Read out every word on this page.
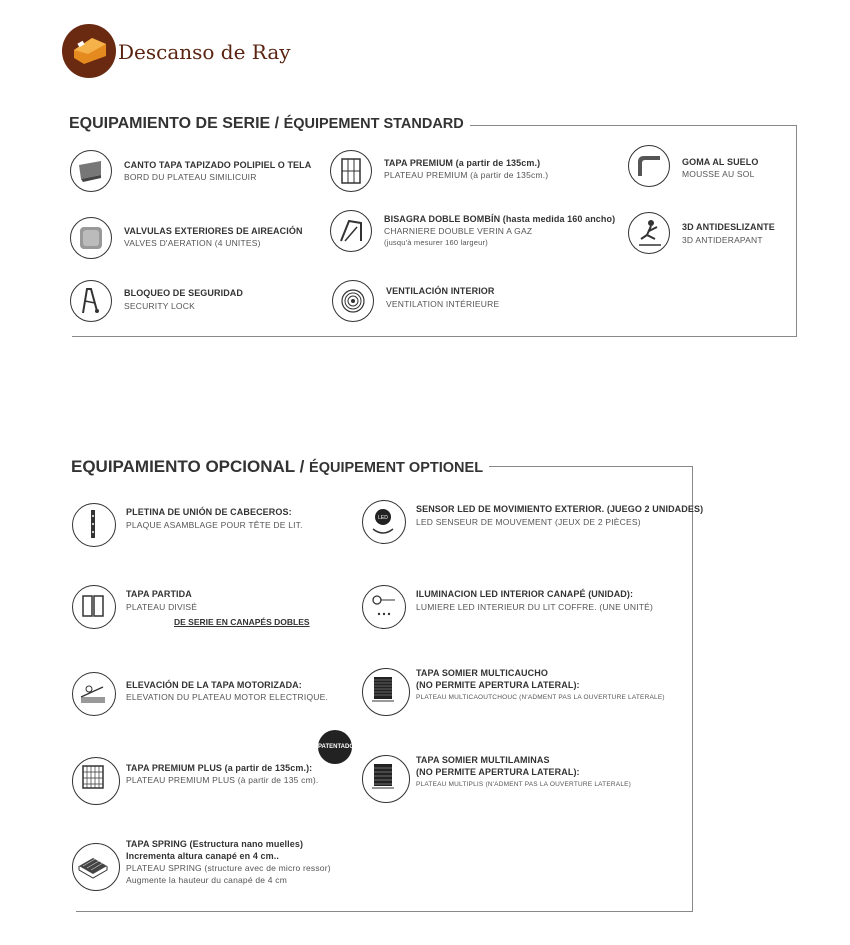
Descanso de Ray
EQUIPAMIENTO DE SERIE / ÉQUIPEMENT STANDARD
CANTO TAPA TAPIZADO POLIPIEL O TELA
BORD DU PLATEAU SIMILICUIR
TAPA PREMIUM (a partir de 135cm.)
PLATEAU PREMIUM (à partir de 135cm.)
GOMA AL SUELO
MOUSSE AU SOL
VALVULAS EXTERIORES DE AIREACIÓN
VALVES D'AERATION (4 UNITES)
BISAGRA DOBLE BOMBÍN (hasta medida 160 ancho)
CHARNIERE DOUBLE VERIN A GAZ
(jusqu'à mesurer 160 largeur)
3D ANTIDESLIZANTE
3D ANTIDERAPANT
BLOQUEO DE SEGURIDAD
SECURITY LOCK
VENTILACIÓN INTERIOR
VENTILATION INTÉRIEURE
EQUIPAMIENTO OPCIONAL / ÉQUIPEMENT OPTIONEL
PLETINA DE UNIÓN DE CABECEROS:
PLAQUE ASAMBLAGE POUR TÊTE DE LIT.
LED
SENSOR LED DE MOVIMIENTO EXTERIOR. (JUEGO 2 UNIDADES)
LED SENSEUR DE MOUVEMENT (JEUX DE 2 PIÈCES)
TAPA PARTIDA
PLATEAU DIVISÉ
DE SERIE EN CANAPÉS DOBLES
ILUMINACION LED INTERIOR CANAPÉ (UNIDAD):
LUMIERE LED INTERIEUR DU LIT COFFRE. (UNE UNITÉ)
ELEVACIÓN DE LA TAPA MOTORIZADA:
ELEVATION DU PLATEAU MOTOR ELECTRIQUE.
TAPA SOMIER MULTICAUCHO
(NO PERMITE APERTURA LATERAL):
PLATEAU MULTICAOUTCHOUC (N'ADMENT PAS LA OUVERTURE LATERALE)
TAPA PREMIUM PLUS (a partir de 135cm.):
PLATEAU PREMIUM PLUS (à partir de 135 cm).
PATENTADO
TAPA SOMIER MULTILAMINAS
(NO PERMITE APERTURA LATERAL):
PLATEAU MULTIPLIS (N'ADMENT PAS LA OUVERTURE LATERALE)
TAPA SPRING (Estructura nano muelles)
Incrementa altura canapé en 4 cm..
PLATEAU SPRING (structure avec de micro ressor)
Augmente la hauteur du canapé de 4 cm
